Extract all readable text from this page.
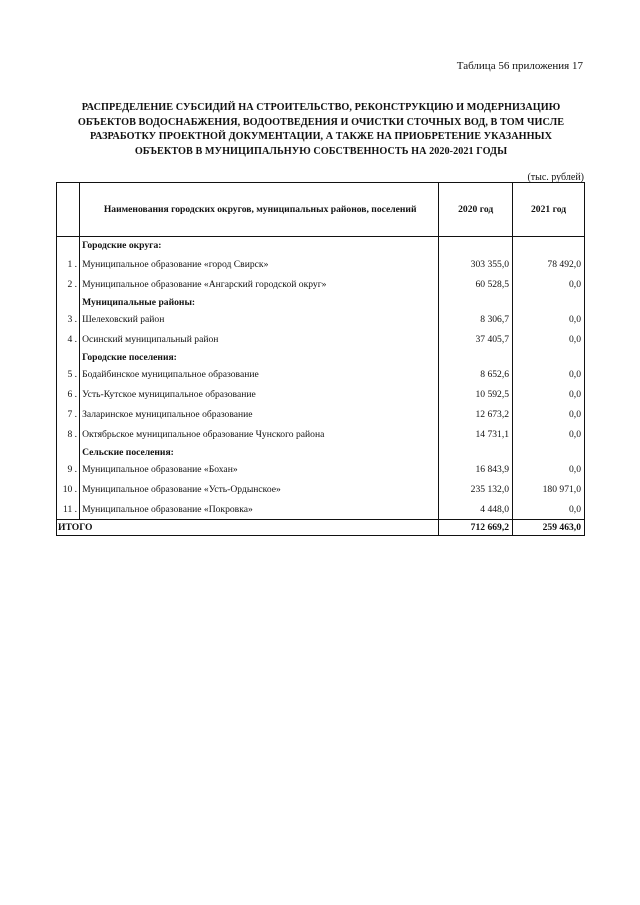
Таблица 56 приложения 17
РАСПРЕДЕЛЕНИЕ СУБСИДИЙ НА СТРОИТЕЛЬСТВО, РЕКОНСТРУКЦИЮ И МОДЕРНИЗАЦИЮ
ОБЪЕКТОВ ВОДОСНАБЖЕНИЯ, ВОДООТВЕДЕНИЯ И ОЧИСТКИ СТОЧНЫХ ВОД, В ТОМ ЧИСЛЕ
РАЗРАБОТКУ ПРОЕКТНОЙ ДОКУМЕНТАЦИИ, А ТАКЖЕ НА ПРИОБРЕТЕНИЕ УКАЗАННЫХ
ОБЪЕКТОВ В МУНИЦИПАЛЬНУЮ СОБСТВЕННОСТЬ НА 2020-2021 ГОДЫ
(тыс. рублей)
	Наименования городских округов, муниципальных районов, поселений	2020 год	2021 год
	Городские округа:		
1 .	Муниципальное образование «город Свирск»	303 355,0	78 492,0
2 .	Муниципальное образование «Ангарский городской округ»	60 528,5	0,0
	Муниципальные районы:		
3 .	Шелеховский район	8 306,7	0,0
4 .	Осинский муниципальный район	37 405,7	0,0
	Городские поселения:		
5 .	Бодайбинское муниципальное образование	8 652,6	0,0
6 .	Усть-Кутское муниципальное образование	10 592,5	0,0
7 .	Заларинское муниципальное образование	12 673,2	0,0
8 .	Октябрьское муниципальное образование Чунского района	14 731,1	0,0
	Сельские поселения:		
9 .	Муниципальное образование «Бохан»	16 843,9	0,0
10 .	Муниципальное образование «Усть-Ордынское»	235 132,0	180 971,0
11 .	Муниципальное образование «Покровка»	4 448,0	0,0
ИТОГО		712 669,2	259 463,0
